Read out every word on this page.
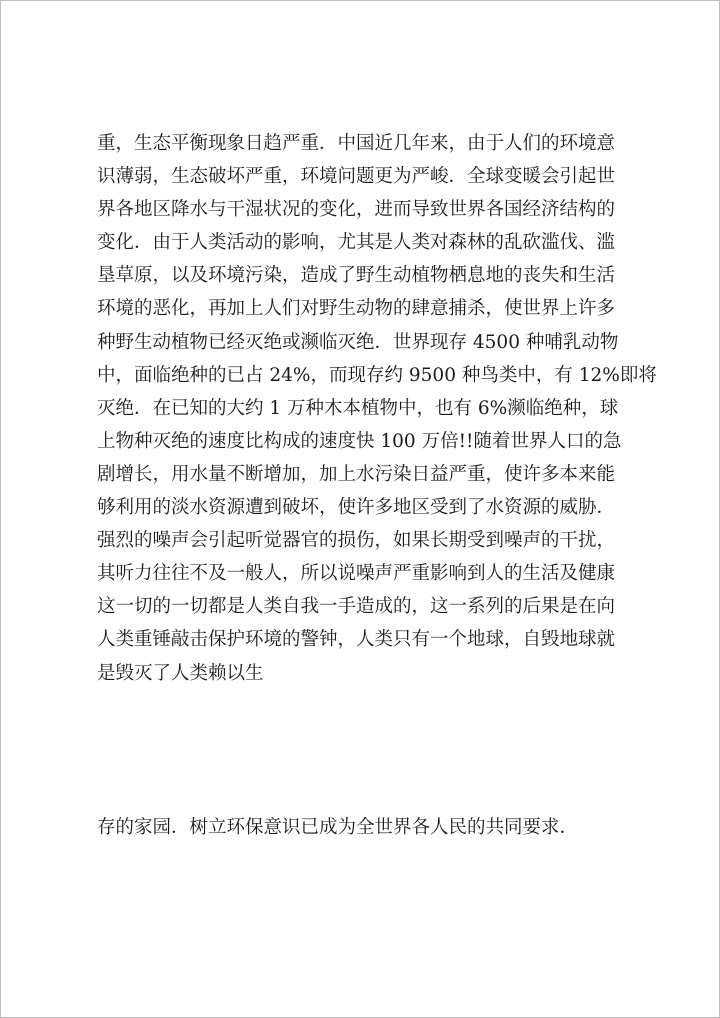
重，生态平衡现象日趋严重．中国近几年来，由于人们的环境意
识薄弱，生态破坏严重，环境问题更为严峻．全球变暖会引起世
界各地区降水与干湿状况的变化，进而导致世界各国经济结构的
变化．由于人类活动的影响，尤其是人类对森林的乱砍滥伐、滥
垦草原，以及环境污染，造成了野生动植物栖息地的丧失和生活
环境的恶化，再加上人们对野生动物的肆意捕杀，使世界上许多
种野生动植物已经灭绝或濒临灭绝．世界现存 4500 种哺乳动物
中，面临绝种的已占 24%，而现存约 9500 种鸟类中，有 12%即将
灭绝．在已知的大约 1 万种木本植物中，也有 6%濒临绝种，球
上物种灭绝的速度比构成的速度快 100 万倍!!随着世界人口的急
剧增长，用水量不断增加，加上水污染日益严重，使许多本来能
够利用的淡水资源遭到破坏，使许多地区受到了水资源的威胁．
强烈的噪声会引起听觉器官的损伤，如果长期受到噪声的干扰，
其听力往往不及一般人，所以说噪声严重影响到人的生活及健康
这一切的一切都是人类自我一手造成的，这一系列的后果是在向
人类重锤敲击保护环境的警钟，人类只有一个地球，自毁地球就
是毁灭了人类赖以生
存的家园．树立环保意识已成为全世界各人民的共同要求．
